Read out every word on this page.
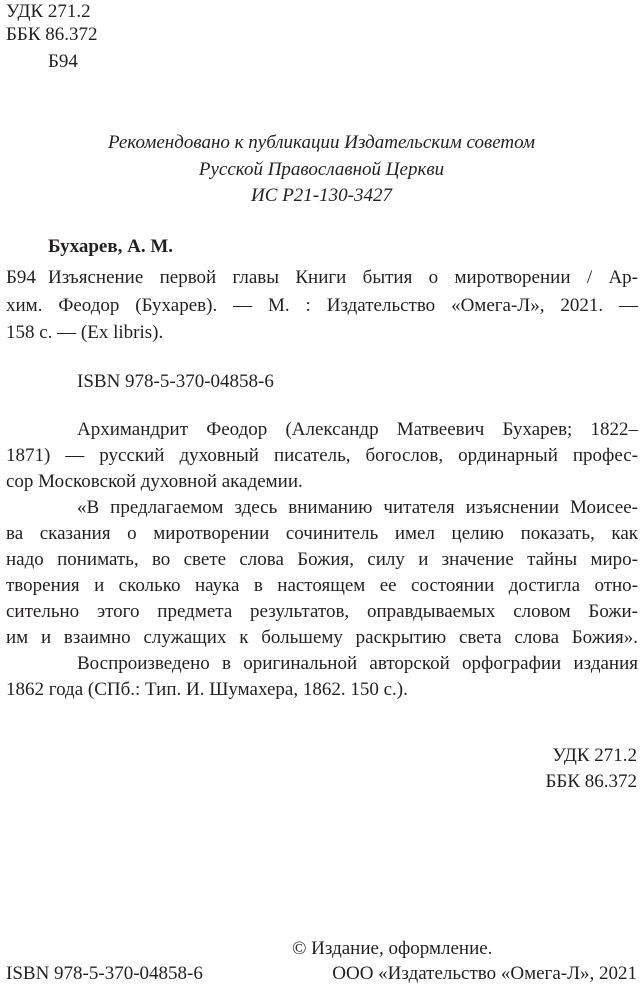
УДК 271.2
ББК 86.372
Б94
Рекомендовано к публикации Издательским советом
Русской Православной Церкви
ИС Р21-130-3427
Бухарев, А. М.
Б94 Изъяснение первой главы Книги бытия о миротворении / Ар-
хим. Феодор (Бухарев). — М. : Издательство «Омега-Л», 2021. —
158 с. — (Ex libris).
ISBN 978-5-370-04858-6
Архимандрит Феодор (Александр Матвеевич Бухарев; 1822–
1871) — русский духовный писатель, богослов, ординарный профес-
сор Московской духовной академии.
«В предлагаемом здесь вниманию читателя изъяснении Моисее-
ва сказания о миротворении сочинитель имел целию показать, как
надо понимать, во свете слова Божия, силу и значение тайны миро-
творения и сколько наука в настоящем ее состоянии достигла отно-
сительно этого предмета результатов, оправдываемых словом Божи-
им и взаимно служащих к большему раскрытию света слова Божия».
Воспроизведено в оригинальной авторской орфографии издания
1862 года (СПб.: Тип. И. Шумахера, 1862. 150 с.).
УДК 271.2
ББК 86.372
© Издание, оформление.
ISBN 978-5-370-04858-6	ООО «Издательство «Омега-Л», 2021
